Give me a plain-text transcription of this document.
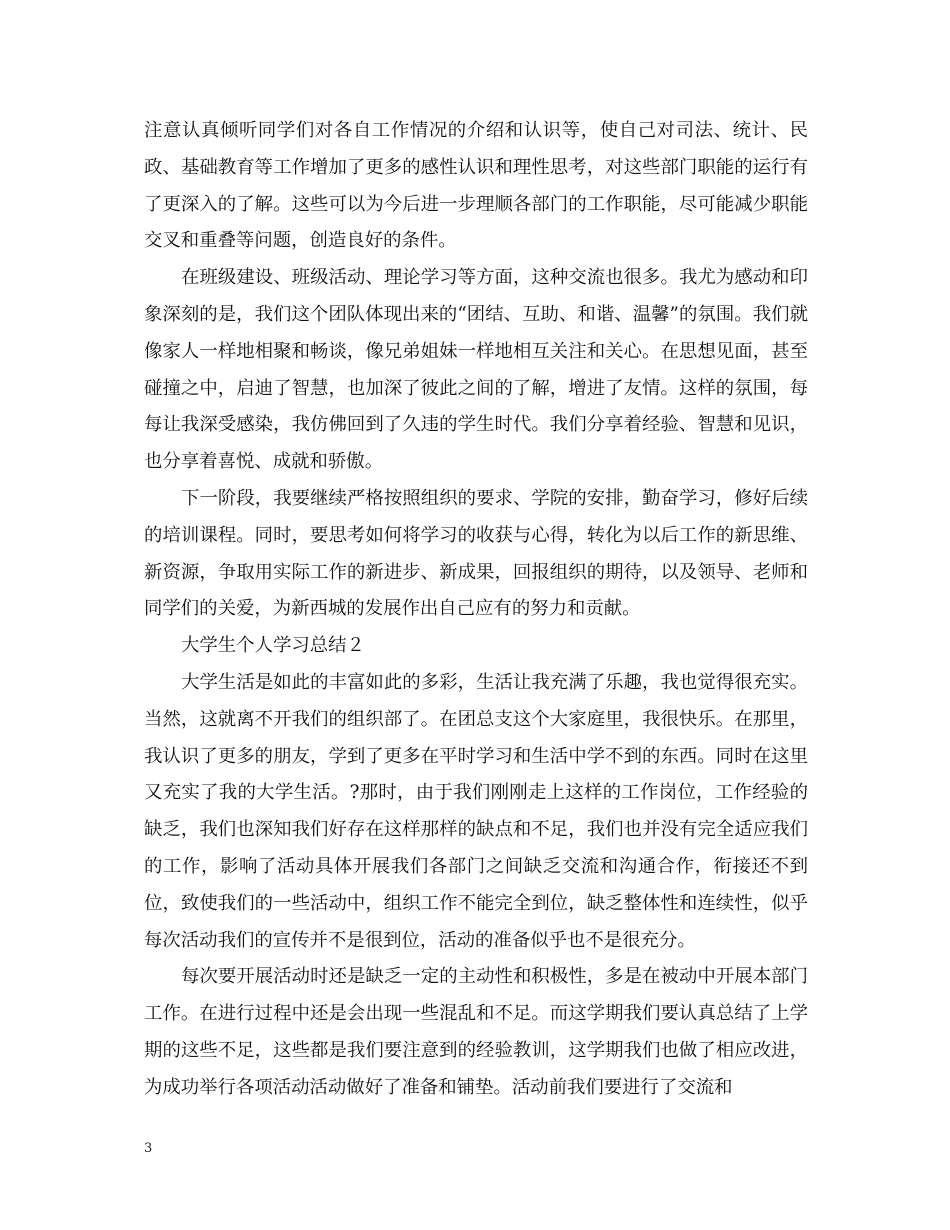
注意认真倾听同学们对各自工作情况的介绍和认识等，使自己对司法、统计、民政、基础教育等工作增加了更多的感性认识和理性思考，对这些部门职能的运行有了更深入的了解。这些可以为今后进一步理顺各部门的工作职能，尽可能减少职能交叉和重叠等问题，创造良好的条件。

在班级建设、班级活动、理论学习等方面，这种交流也很多。我尤为感动和印象深刻的是，我们这个团队体现出来的“团结、互助、和谐、温馨”的氛围。我们就像家人一样地相聚和畅谈，像兄弟姐妹一样地相互关注和关心。在思想见面，甚至碰撞之中，启迪了智慧，也加深了彼此之间的了解，增进了友情。这样的氛围，每每让我深受感染，我仿佛回到了久违的学生时代。我们分享着经验、智慧和见识，也分享着喜悦、成就和骄傲。

下一阶段，我要继续严格按照组织的要求、学院的安排，勤奋学习，修好后续的培训课程。同时，要思考如何将学习的收获与心得，转化为以后工作的新思维、新资源，争取用实际工作的新进步、新成果，回报组织的期待，以及领导、老师和同学们的关爱，为新西城的发展作出自己应有的努力和贡献。

大学生个人学习总结２

大学生活是如此的丰富如此的多彩，生活让我充满了乐趣，我也觉得很充实。当然，这就离不开我们的组织部了。在团总支这个大家庭里，我很快乐。在那里，我认识了更多的朋友，学到了更多在平时学习和生活中学不到的东西。同时在这里又充实了我的大学生活。?那时，由于我们刚刚走上这样的工作岗位，工作经验的缺乏，我们也深知我们好存在这样那样的缺点和不足，我们也并没有完全适应我们的工作，影响了活动具体开展我们各部门之间缺乏交流和沟通合作，衔接还不到位，致使我们的一些活动中，组织工作不能完全到位，缺乏整体性和连续性，似乎每次活动我们的宣传并不是很到位，活动的准备似乎也不是很充分。

每次要开展活动时还是缺乏一定的主动性和积极性，多是在被动中开展本部门工作。在进行过程中还是会出现一些混乱和不足。而这学期我们要认真总结了上学期的这些不足，这些都是我们要注意到的经验教训，这学期我们也做了相应改进，为成功举行各项活动活动做好了准备和铺垫。活动前我们要进行了交流和

3
